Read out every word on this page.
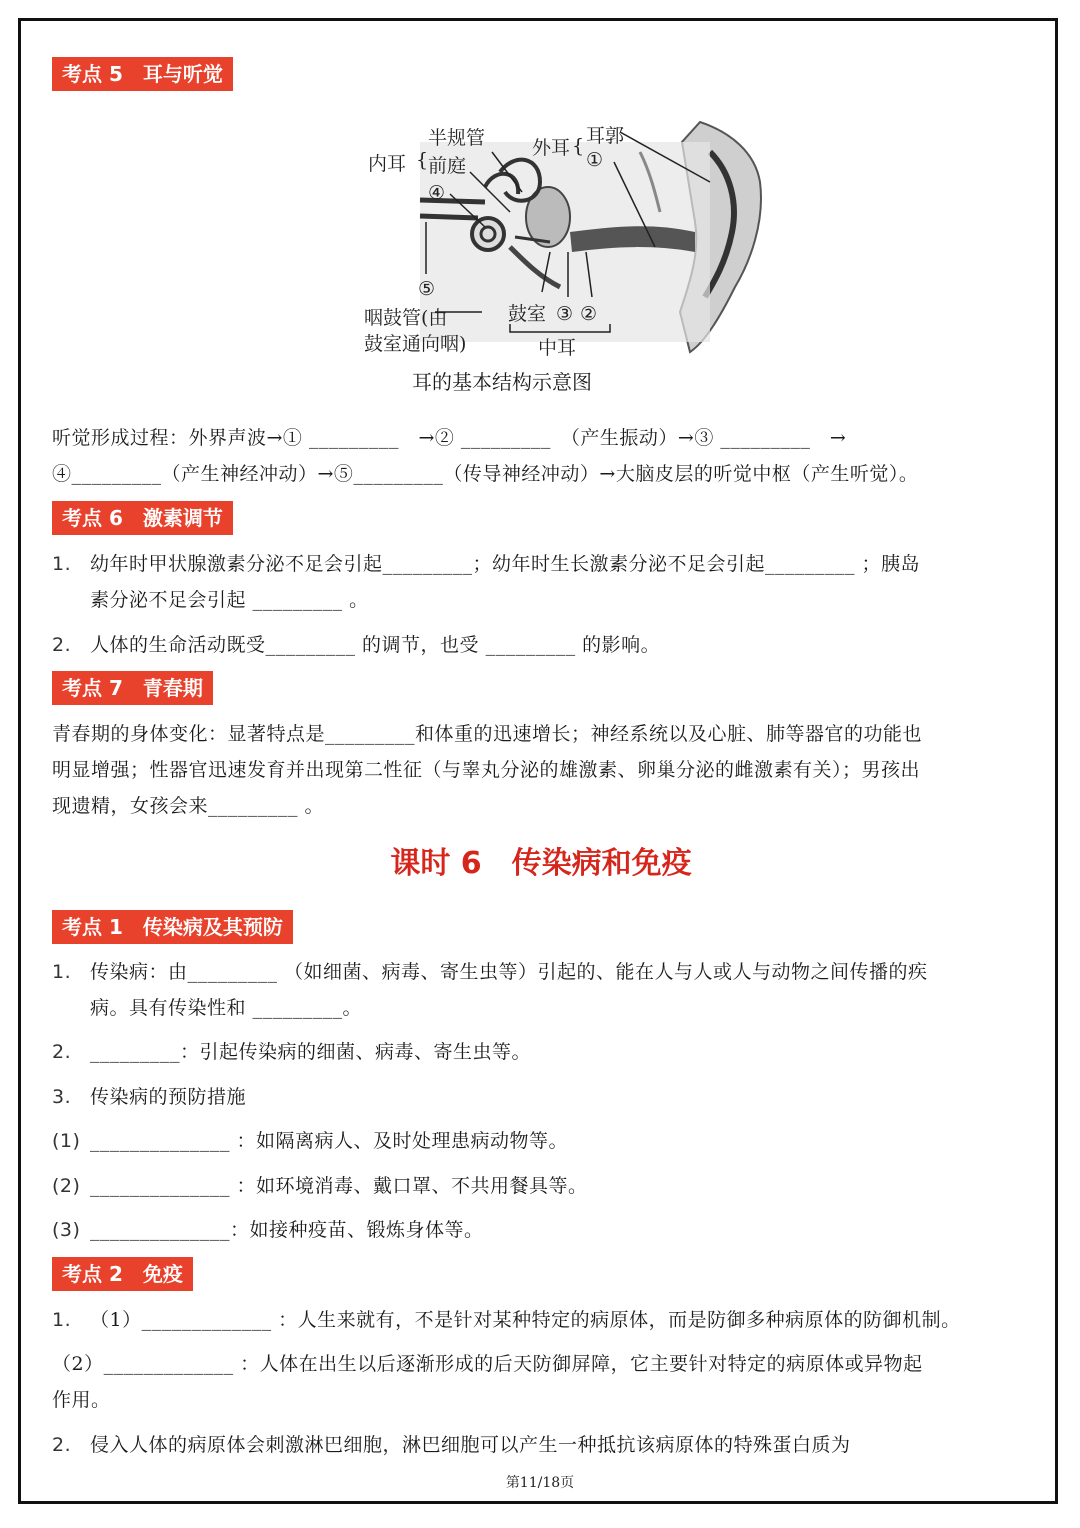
考点 5　耳与听觉
半规管
内耳 { 前庭
④
外耳 { 耳郭
①
⑤
咽鼓管(由
鼓室通向咽)
鼓室 ③ ②
中耳
耳的基本结构示意图
听觉形成过程：外界声波→① _________　→② _________　（产生振动）→③ _________　→
④_________（产生神经冲动）→⑤_________（传导神经冲动）→大脑皮层的听觉中枢（产生听觉）。
考点 6　激素调节
1. 幼年时甲状腺激素分泌不足会引起_________；幼年时生长激素分泌不足会引起_________ ；胰岛
素分泌不足会引起 _________ 。
2. 人体的生命活动既受_________ 的调节，也受 _________ 的影响。
考点 7　青春期
青春期的身体变化：显著特点是_________和体重的迅速增长；神经系统以及心脏、肺等器官的功能也
明显增强；性器官迅速发育并出现第二性征（与睾丸分泌的雄激素、卵巢分泌的雌激素有关）；男孩出
现遗精，女孩会来_________ 。
课时 6　传染病和免疫
考点 1　传染病及其预防
1. 传染病：由_________ （如细菌、病毒、寄生虫等）引起的、能在人与人或人与动物之间传播的疾
病。具有传染性和 _________。
2. _________：引起传染病的细菌、病毒、寄生虫等。
3. 传染病的预防措施
(1) ______________ ：如隔离病人、及时处理患病动物等。
(2) ______________ ：如环境消毒、戴口罩、不共用餐具等。
(3) ______________：如接种疫苗、锻炼身体等。
考点 2　免疫
1. （1）_____________ ：人生来就有，不是针对某种特定的病原体，而是防御多种病原体的防御机制。
（2）_____________ ：人体在出生以后逐渐形成的后天防御屏障，它主要针对特定的病原体或异物起
作用。
2. 侵入人体的病原体会刺激淋巴细胞，淋巴细胞可以产生一种抵抗该病原体的特殊蛋白质为
第11/18页
